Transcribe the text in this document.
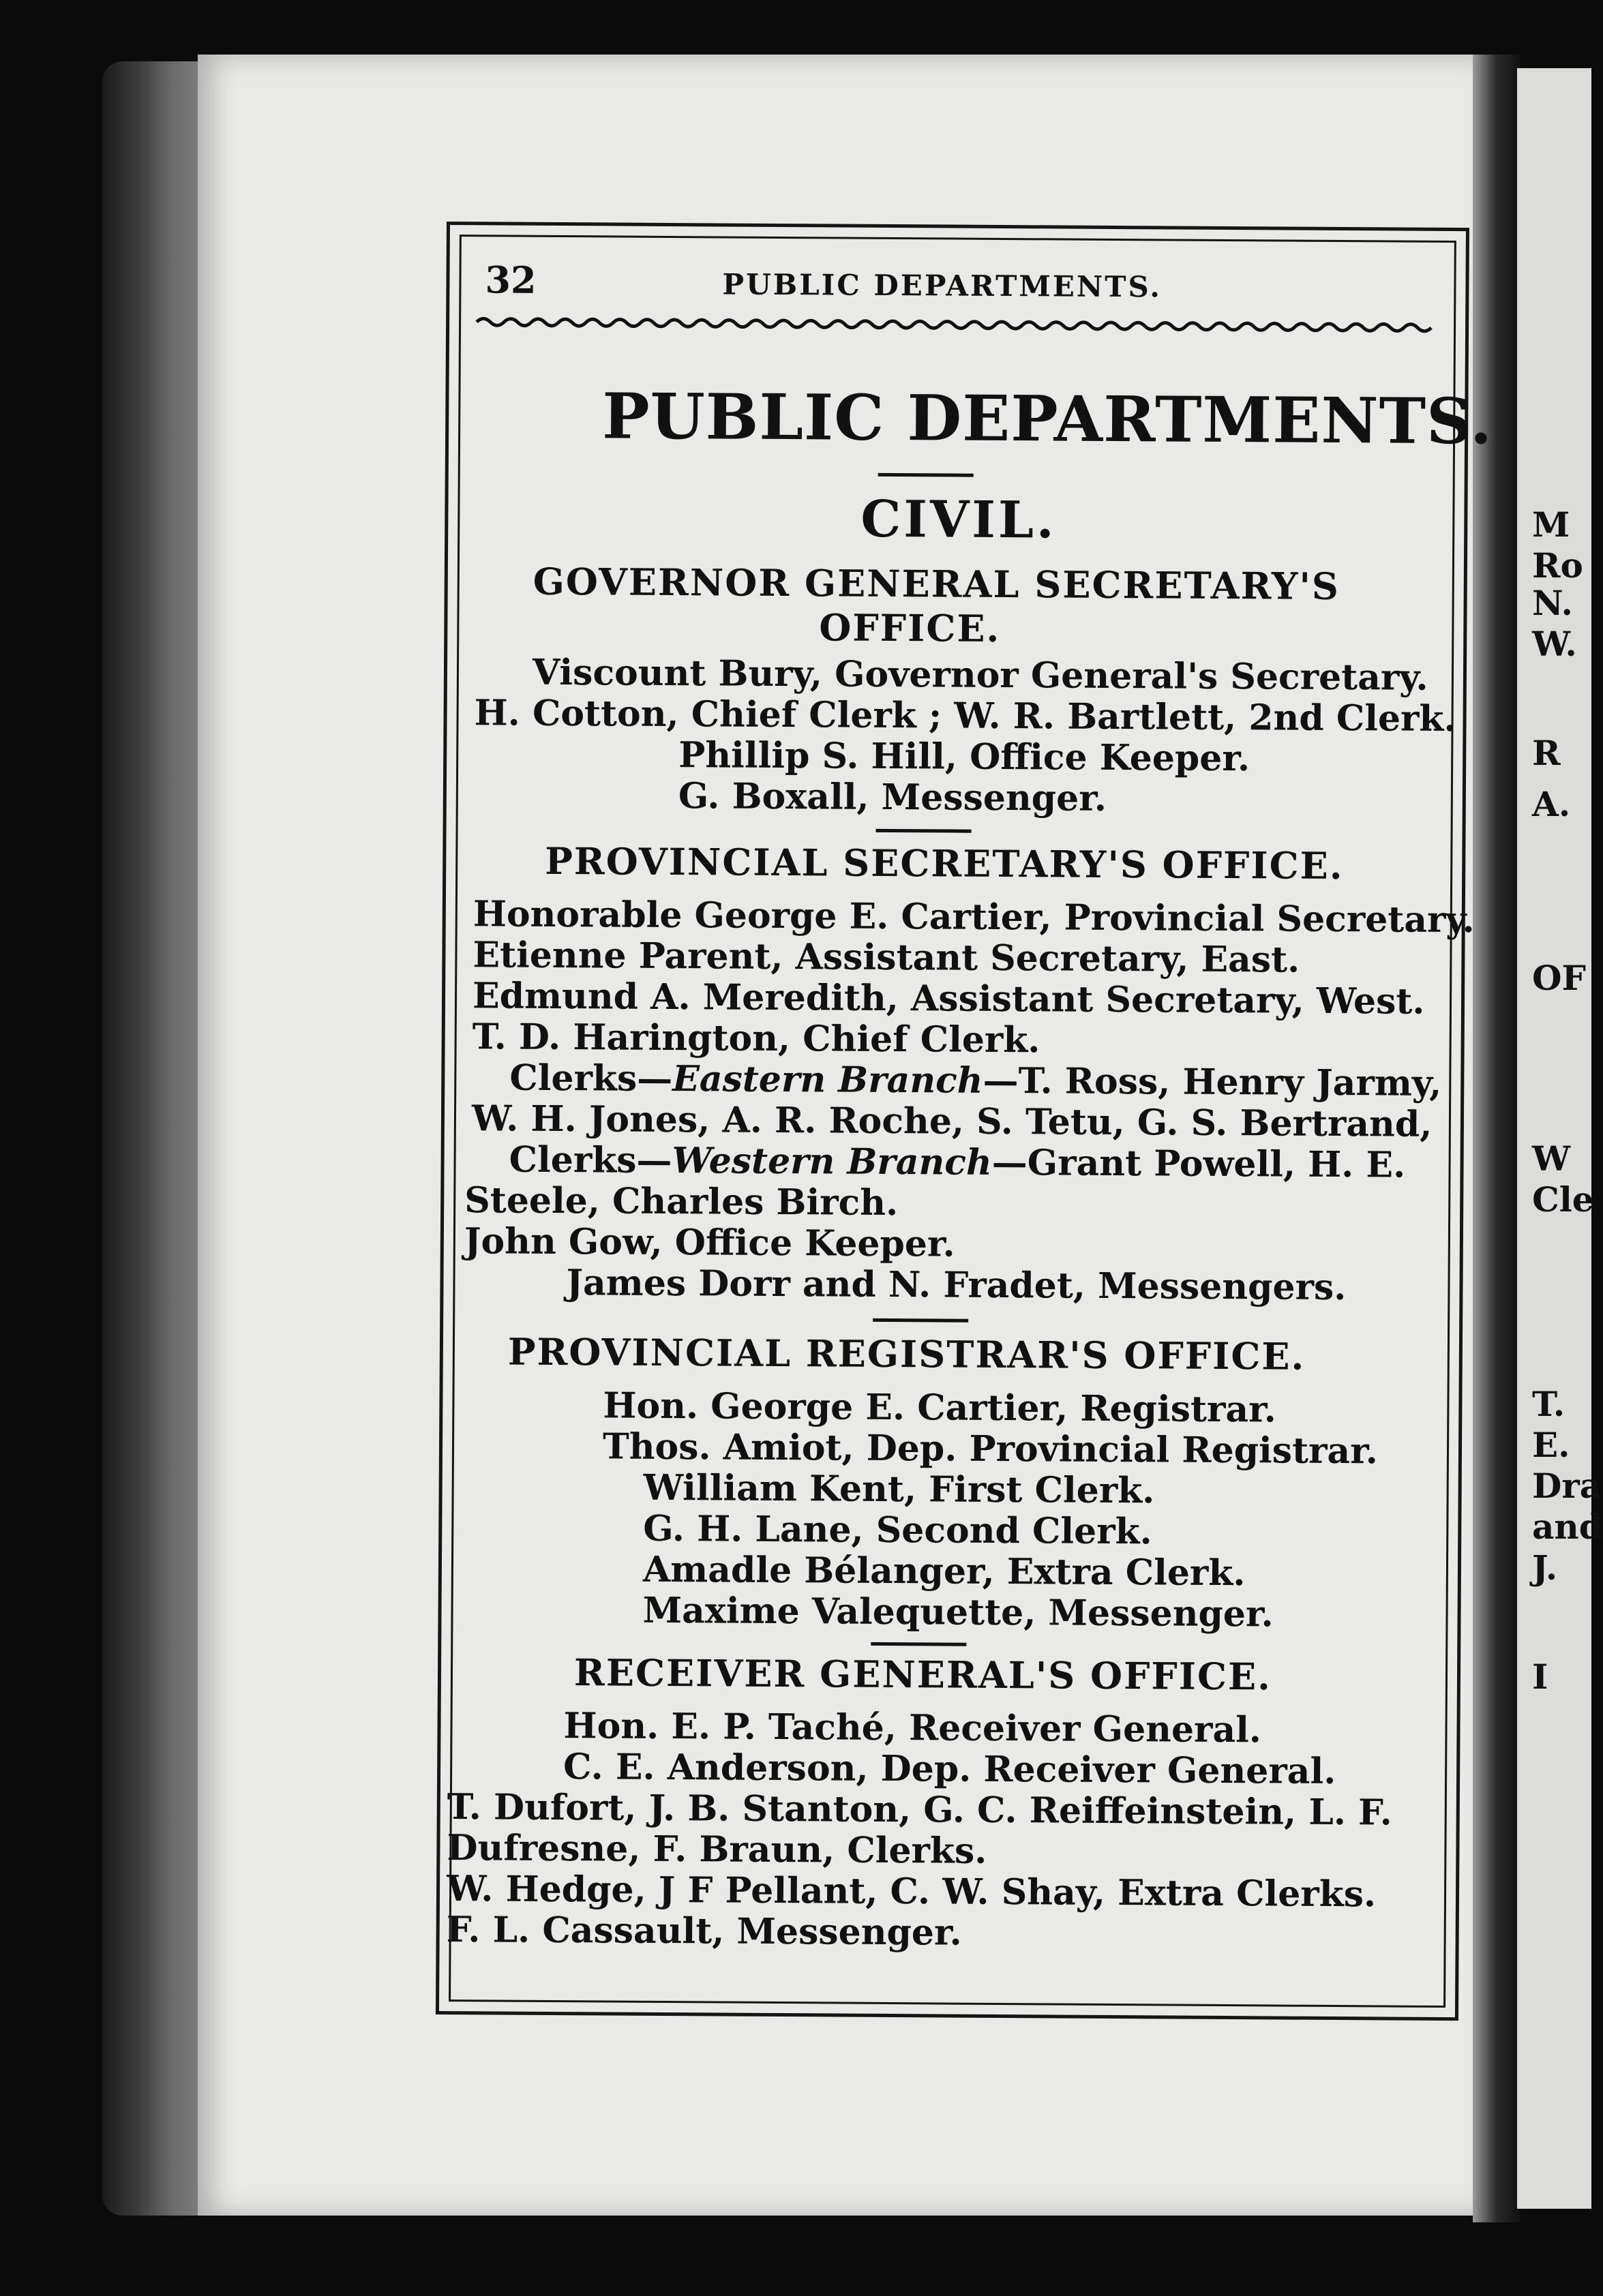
M
Ro
N.
W.
R
A.
OF
W
Cle
T.
E.
Dra
and
J.
I
32	PUBLIC DEPARTMENTS.
PUBLIC DEPARTMENTS.
CIVIL.
GOVERNOR GENERAL SECRETARY'S
OFFICE.
Viscount Bury, Governor General's Secretary.
H. Cotton, Chief Clerk ; W. R. Bartlett, 2nd Clerk.
Phillip S. Hill, Office Keeper.
G. Boxall, Messenger.
PROVINCIAL SECRETARY'S OFFICE.
Honorable George E. Cartier, Provincial Secretary.
Etienne Parent, Assistant Secretary, East.
Edmund A. Meredith, Assistant Secretary, West.
T. D. Harington, Chief Clerk.
Clerks—Eastern Branch—T. Ross, Henry Jarmy,
W. H. Jones, A. R. Roche, S. Tetu, G. S. Bertrand,
Clerks—Western Branch—Grant Powell, H. E.
Steele, Charles Birch.
John Gow, Office Keeper.
James Dorr and N. Fradet, Messengers.
PROVINCIAL REGISTRAR'S OFFICE.
Hon. George E. Cartier, Registrar.
Thos. Amiot, Dep. Provincial Registrar.
William Kent, First Clerk.
G. H. Lane, Second Clerk.
Amadle Bélanger, Extra Clerk.
Maxime Valequette, Messenger.
RECEIVER GENERAL'S OFFICE.
Hon. E. P. Taché, Receiver General.
C. E. Anderson, Dep. Receiver General.
T. Dufort, J. B. Stanton, G. C. Reiffeinstein, L. F.
Dufresne, F. Braun, Clerks.
W. Hedge, J F Pellant, C. W. Shay, Extra Clerks.
F. L. Cassault, Messenger.
